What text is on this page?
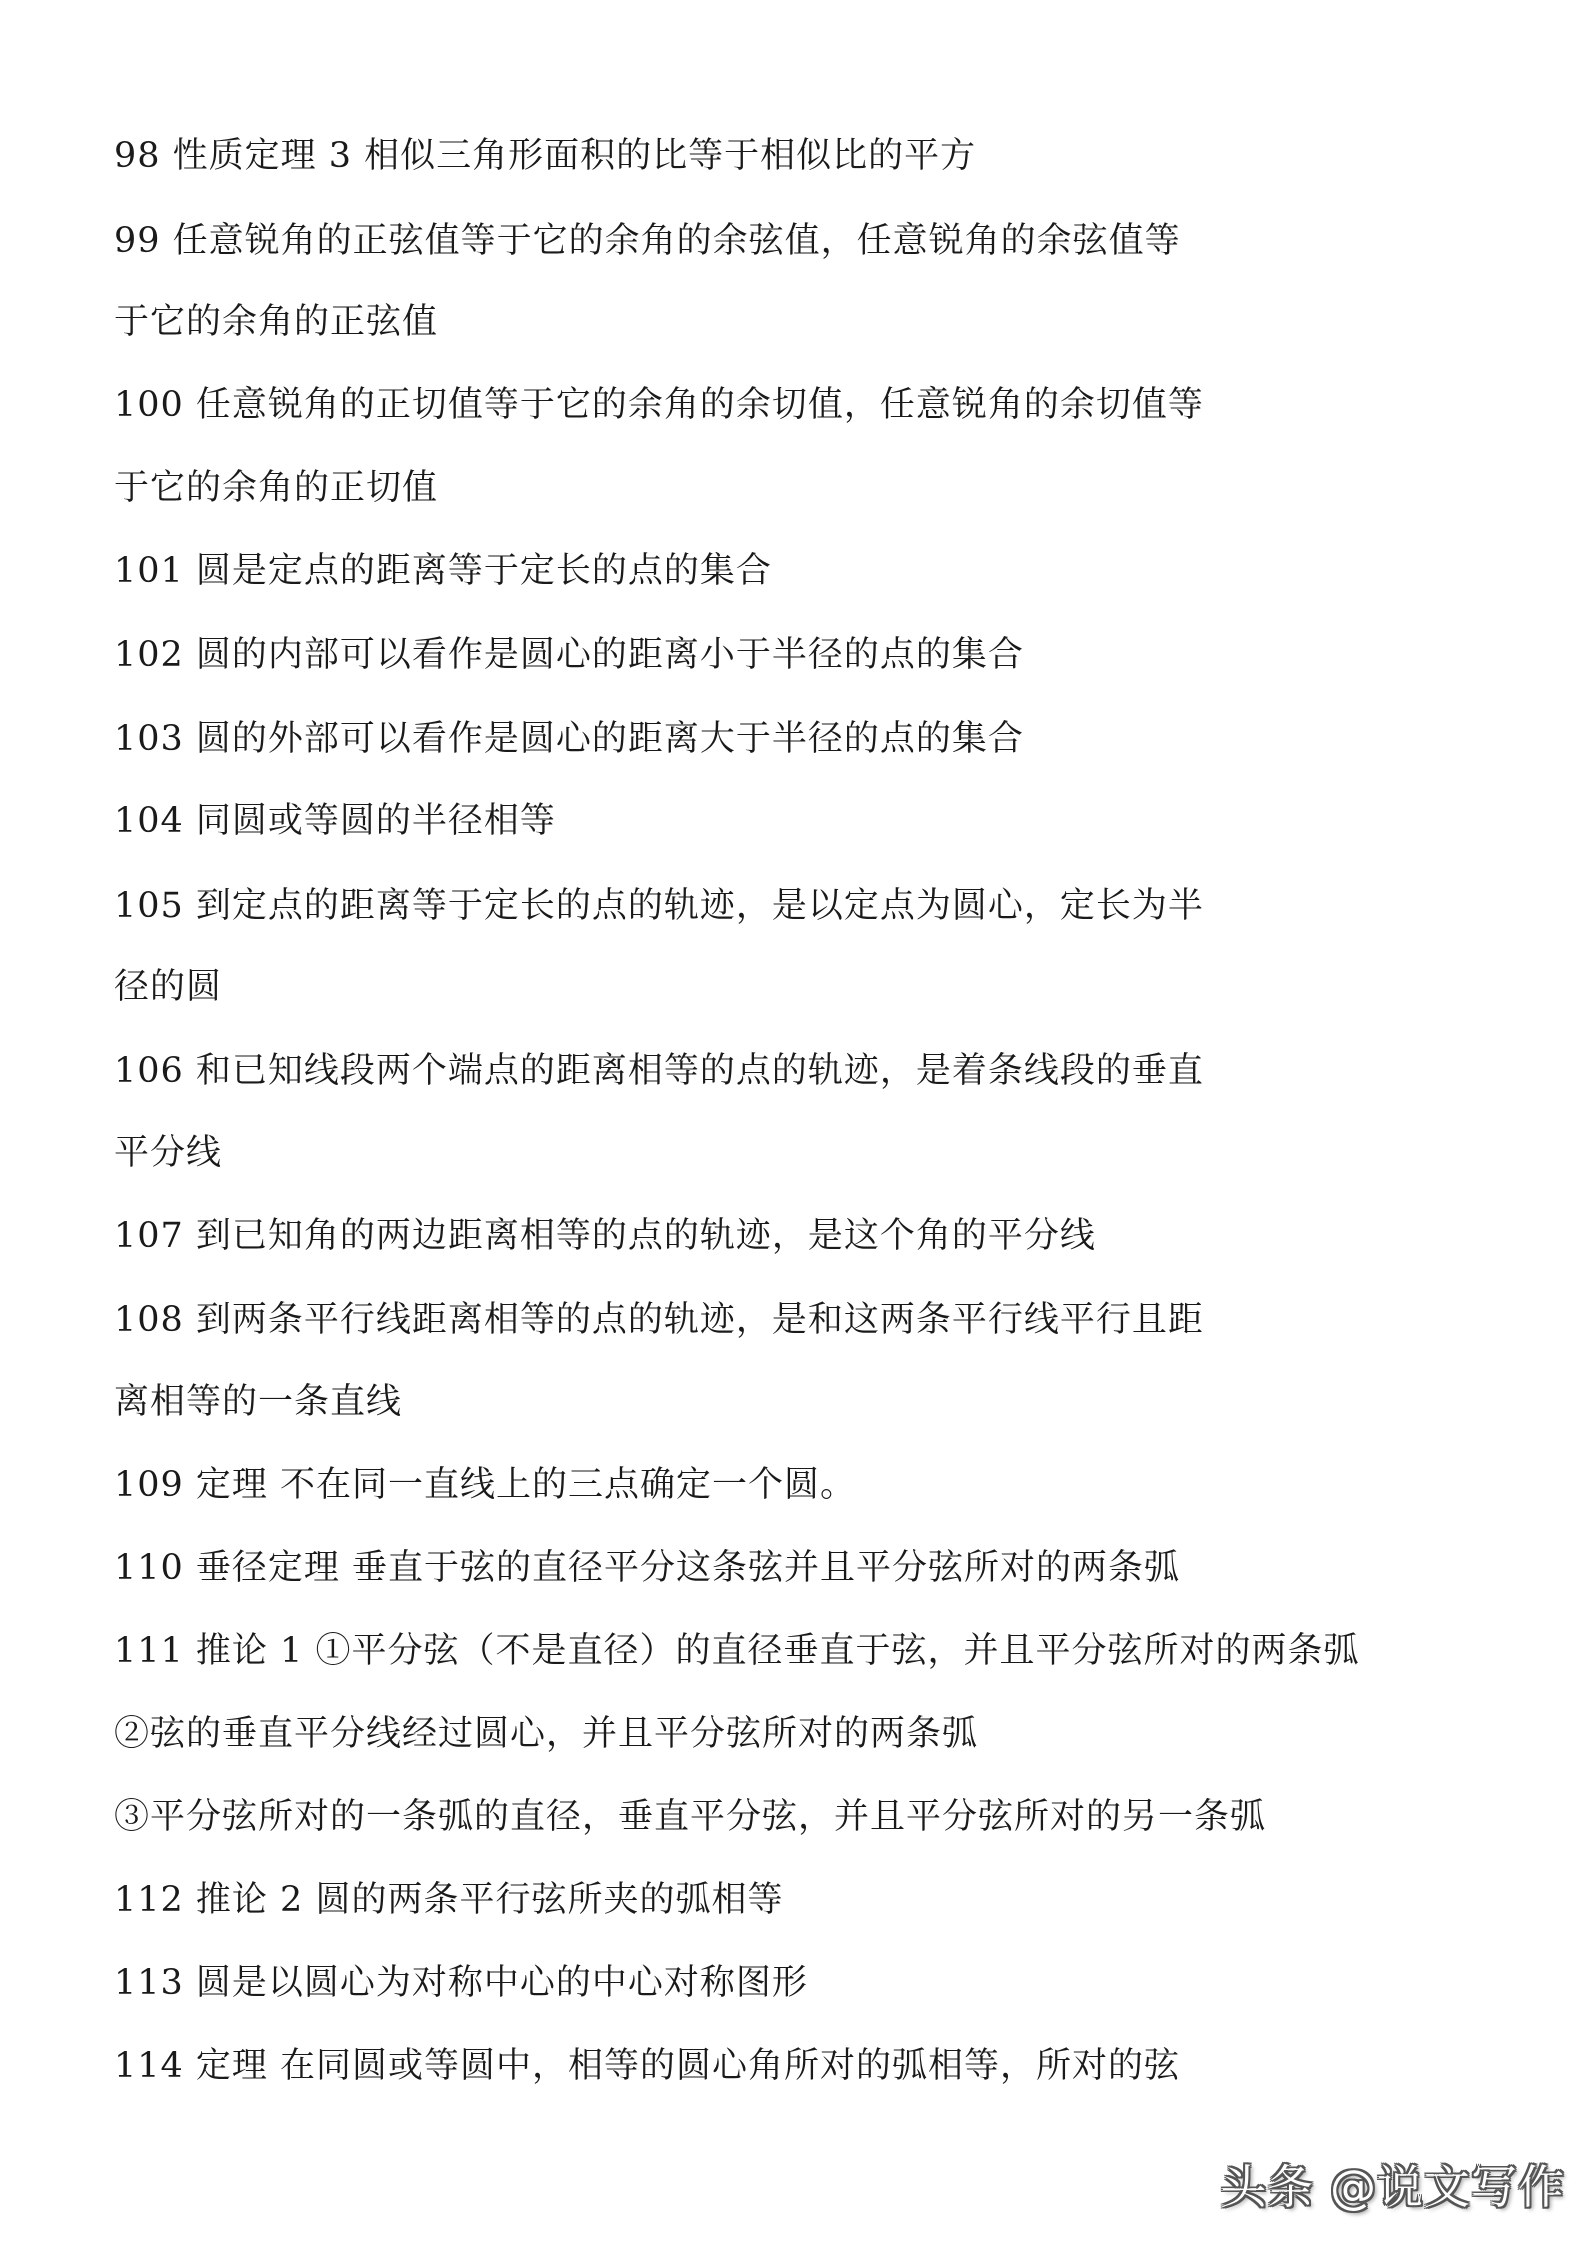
98 性质定理 3 相似三角形面积的比等于相似比的平方
99 任意锐角的正弦值等于它的余角的余弦值，任意锐角的余弦值等
于它的余角的正弦值
100 任意锐角的正切值等于它的余角的余切值，任意锐角的余切值等
于它的余角的正切值
101 圆是定点的距离等于定长的点的集合
102 圆的内部可以看作是圆心的距离小于半径的点的集合
103 圆的外部可以看作是圆心的距离大于半径的点的集合
104 同圆或等圆的半径相等
105 到定点的距离等于定长的点的轨迹，是以定点为圆心，定长为半
径的圆
106 和已知线段两个端点的距离相等的点的轨迹，是着条线段的垂直
平分线
107 到已知角的两边距离相等的点的轨迹，是这个角的平分线
108 到两条平行线距离相等的点的轨迹，是和这两条平行线平行且距
离相等的一条直线
109 定理 不在同一直线上的三点确定一个圆。
110 垂径定理 垂直于弦的直径平分这条弦并且平分弦所对的两条弧
111 推论 1 ①平分弦（不是直径）的直径垂直于弦，并且平分弦所对的两条弧
②弦的垂直平分线经过圆心，并且平分弦所对的两条弧
③平分弦所对的一条弧的直径，垂直平分弦，并且平分弦所对的另一条弧
112 推论 2 圆的两条平行弦所夹的弧相等
113 圆是以圆心为对称中心的中心对称图形
114 定理 在同圆或等圆中，相等的圆心角所对的弧相等，所对的弦
头条 @说文写作
